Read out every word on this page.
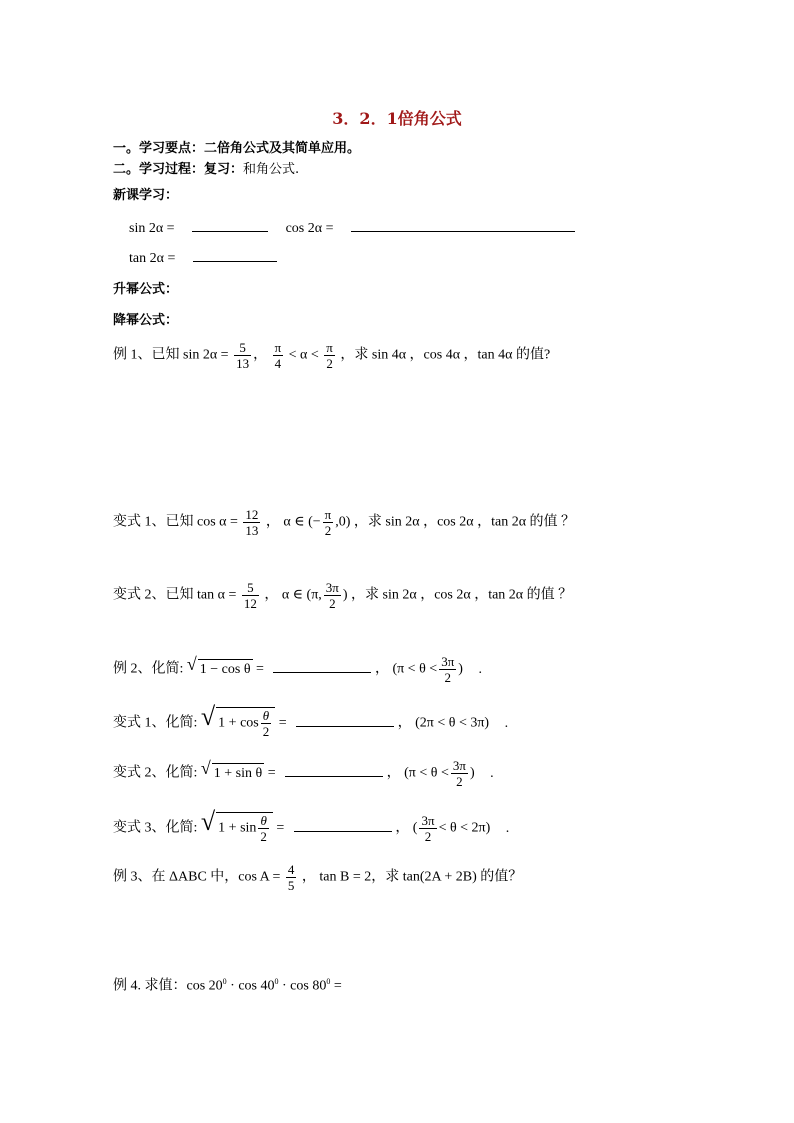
3．2．1倍角公式
一。学习要点：二倍角公式及其简单应用。
二。学习过程：复习：和角公式.
新课学习：
sin 2α =	cos 2α =
tan 2α =
升幂公式：
降幂公式：
例 1、已知 $\sin 2\alpha = \frac{5}{13}$ ， $\frac{\pi}{4} < \alpha < \frac{\pi}{2}$ ，求 sin 4α ，cos 4α ，tan 4α 的值?
变式 1、已知 $\cos \alpha = \frac{12}{13}$ ， α ∈ (− $\frac{\pi}{2} ,0$) ，求 sin 2α ，cos 2α ，tan 2α 的值 ？
变式 2、已知 $\tan \alpha = \frac{5}{12}$ ， α ∈ (π, $\frac{3\pi}{2}$ ) ，求 sin 2α ，cos 2α ，tan 2α 的值 ？
例 2、化简: √ 1 − cos θ =	， ($\pi < \theta < \frac{3\pi}{2}$ ) .
变式 1、化简: √ $1 + \cos \frac{\theta}{2}$ =	， (2π < θ < 3π) .
变式 2、化简: √ 1 + sin θ =	， ($\pi < \theta < \frac{3\pi}{2}$ ) .
变式 3、化简: √ $1 + \sin \frac{\theta}{2}$ =	， ( $\frac{3\pi}{2} < \theta < 2\pi$) .
例 3、在 ΔABC 中，$\cos A = \frac{4}{5}$ ， tan B = 2，求 tan(2A + 2B) 的值？
例 4. 求值：$\cos 20^0 \cdot \cos 40^0 \cdot \cos 80^0$ =
